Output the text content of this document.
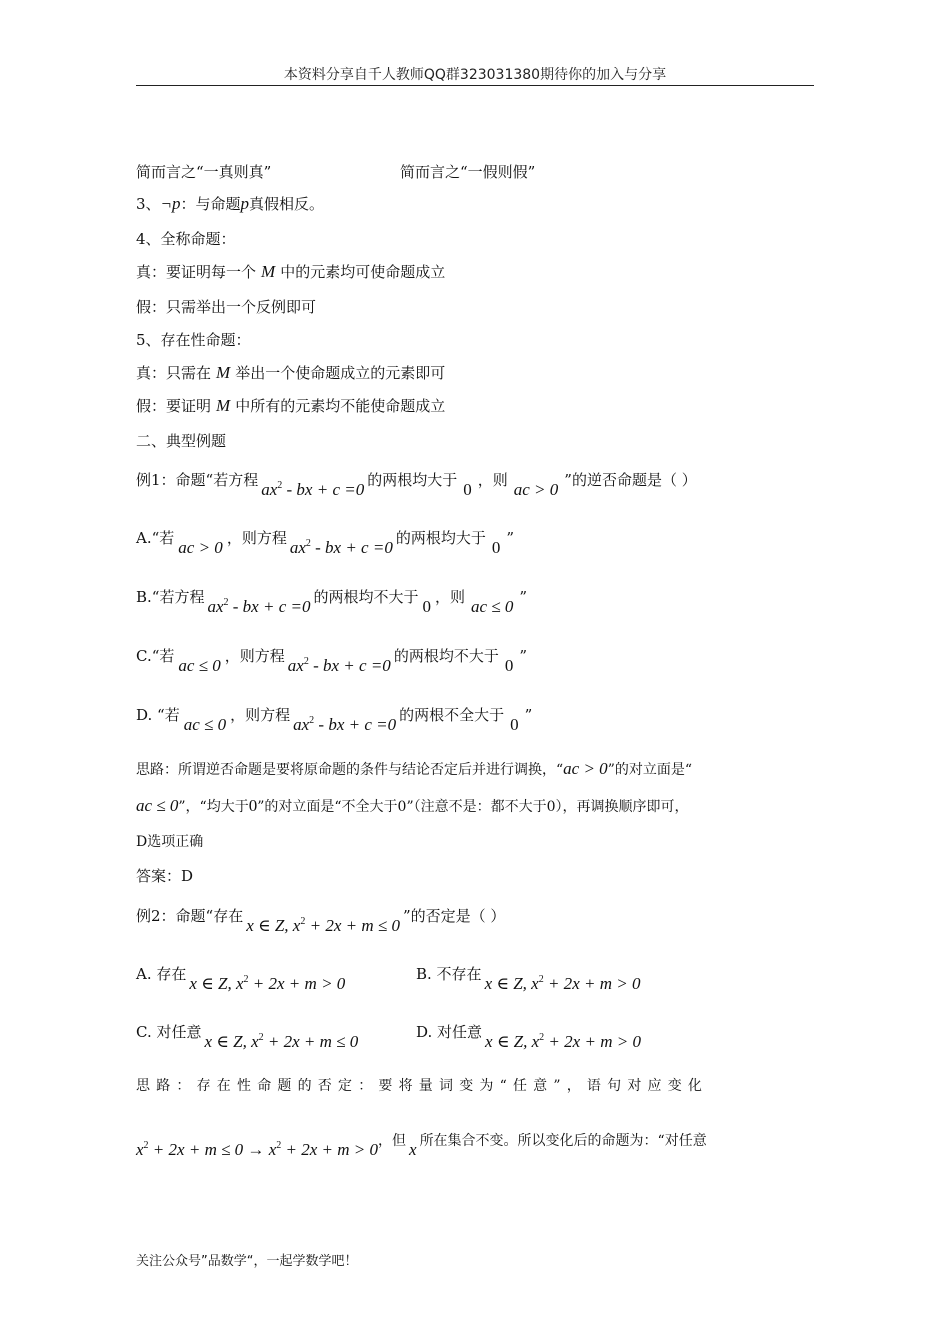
本资料分享自千人教师QQ群323031380期待你的加入与分享
简而言之“一真则真”	简而言之“一假则假”
3、¬p：与命题p真假相反。
4、全称命题：
真：要证明每一个 M 中的元素均可使命题成立
假：只需举出一个反例即可
5、存在性命题：
真：只需在 M 举出一个使命题成立的元素即可
假：要证明 M 中所有的元素均不能使命题成立
二、典型例题
例1：命题“若方程 $ax^2$ - bx + c =0 的两根均大于 0 ，则 ac > 0 ”的逆否命题是（ ）
A.“若 ac > 0 ，则方程 $ax^2$ - bx + c =0 的两根均大于 0 ”
B.“若方程 $ax^2$ - bx + c =0 的两根均不大于 0 ，则 ac ≤ 0 ”
C.“若 ac ≤ 0 ，则方程 $ax^2$ - bx + c =0 的两根均不大于 0 ”
D. “若 ac ≤ 0 ，则方程 $ax^2$ - bx + c =0 的两根不全大于 0 ”
思路：所谓逆否命题是要将原命题的条件与结论否定后并进行调换，“ac > 0”的对立面是“
ac ≤ 0”，“均大于0”的对立面是“不全大于0”（注意不是：都不大于0），再调换顺序即可，
D选项正确
答案：D
例2：命题“存在 x ∈ Z, $x^2 + 2x + m \le 0$ ”的否定是（ ）
A. 存在 x ∈ Z, $x^2 + 2x + m > 0$	B. 不存在 x ∈ Z, $x^2 + 2x + m > 0$
C. 对任意 x ∈ Z, $x^2 + 2x + m \le 0$	D. 对任意 x ∈ Z, $x^2 + 2x + m > 0$
思路：存在性命题的否定：要将量词变为“任意”，语句对应变化
$x^2 + 2x + m \le 0 \to x^2 + 2x + m > 0$，但 x 所在集合不变。所以变化后的命题为：“对任意
关注公众号”品数学“，一起学数学吧！
